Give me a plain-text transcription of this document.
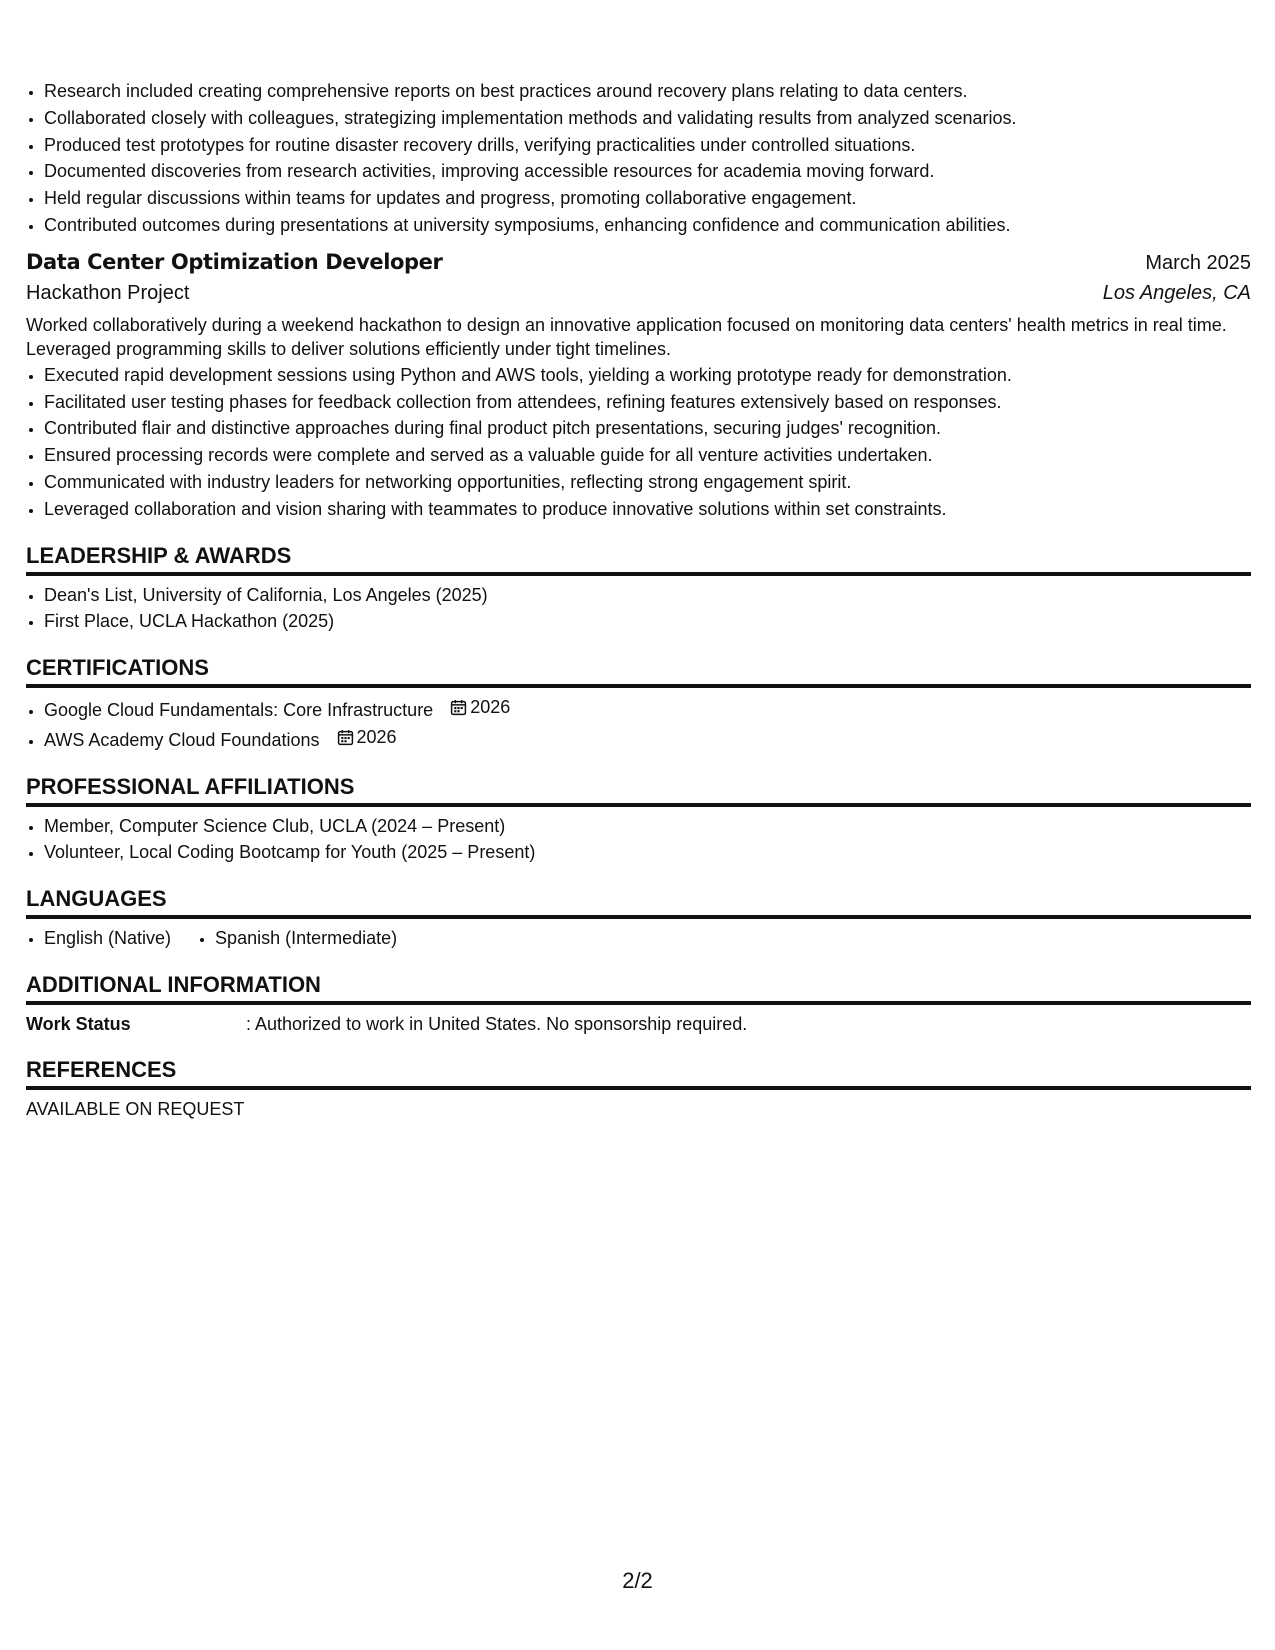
• Research included creating comprehensive reports on best practices around recovery plans relating to data centers.
• Collaborated closely with colleagues, strategizing implementation methods and validating results from analyzed scenarios.
• Produced test prototypes for routine disaster recovery drills, verifying practicalities under controlled situations.
• Documented discoveries from research activities, improving accessible resources for academia moving forward.
• Held regular discussions within teams for updates and progress, promoting collaborative engagement.
• Contributed outcomes during presentations at university symposiums, enhancing confidence and communication abilities.
Data Center Optimization Developer	March 2025
Hackathon Project	Los Angeles, CA
Worked collaboratively during a weekend hackathon to design an innovative application focused on monitoring data centers' health metrics in real time. Leveraged programming skills to deliver solutions efficiently under tight timelines.
• Executed rapid development sessions using Python and AWS tools, yielding a working prototype ready for demonstration.
• Facilitated user testing phases for feedback collection from attendees, refining features extensively based on responses.
• Contributed flair and distinctive approaches during final product pitch presentations, securing judges' recognition.
• Ensured processing records were complete and served as a valuable guide for all venture activities undertaken.
• Communicated with industry leaders for networking opportunities, reflecting strong engagement spirit.
• Leveraged collaboration and vision sharing with teammates to produce innovative solutions within set constraints.
LEADERSHIP & AWARDS
• Dean's List, University of California, Los Angeles (2025)
• First Place, UCLA Hackathon (2025)
CERTIFICATIONS
• Google Cloud Fundamentals: Core Infrastructure 2026
• AWS Academy Cloud Foundations 2026
PROFESSIONAL AFFILIATIONS
• Member, Computer Science Club, UCLA (2024 – Present)
• Volunteer, Local Coding Bootcamp for Youth (2025 – Present)
LANGUAGES
• English (Native)
• Spanish (Intermediate)
ADDITIONAL INFORMATION
Work Status	: Authorized to work in United States. No sponsorship required.
REFERENCES
AVAILABLE ON REQUEST
2/2
